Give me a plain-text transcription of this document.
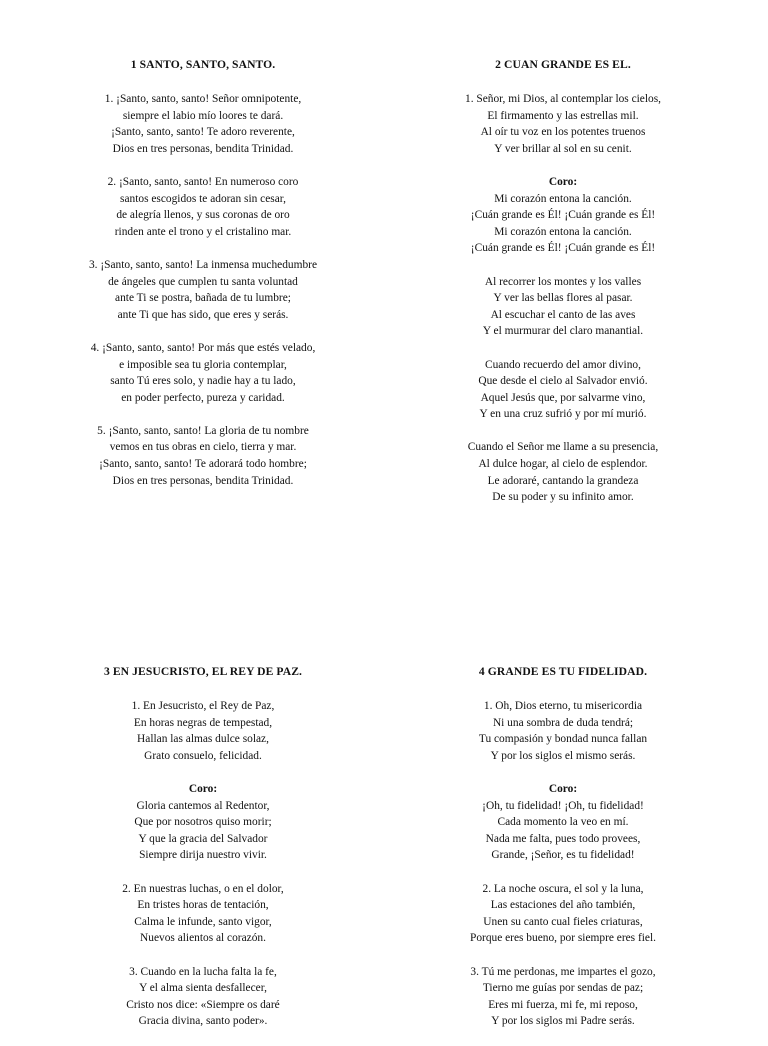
1 SANTO, SANTO, SANTO.
1. ¡Santo, santo, santo! Señor omnipotente,
siempre el labio mío loores te dará.
¡Santo, santo, santo! Te adoro reverente,
Dios en tres personas, bendita Trinidad.
2. ¡Santo, santo, santo! En numeroso coro
santos escogidos te adoran sin cesar,
de alegría llenos, y sus coronas de oro
rinden ante el trono y el cristalino mar.
3. ¡Santo, santo, santo! La inmensa muchedumbre
de ángeles que cumplen tu santa voluntad
ante Ti se postra, bañada de tu lumbre;
ante Ti que has sido, que eres y serás.
4. ¡Santo, santo, santo! Por más que estés velado,
e imposible sea tu gloria contemplar,
santo Tú eres solo, y nadie hay a tu lado,
en poder perfecto, pureza y caridad.
5. ¡Santo, santo, santo! La gloria de tu nombre
vemos en tus obras en cielo, tierra y mar.
¡Santo, santo, santo! Te adorará todo hombre;
Dios en tres personas, bendita Trinidad.
2 CUAN GRANDE ES EL.
1. Señor, mi Dios, al contemplar los cielos,
El firmamento y las estrellas mil.
Al oír tu voz en los potentes truenos
Y ver brillar al sol en su cenit.
Coro:
Mi corazón entona la canción.
¡Cuán grande es Él! ¡Cuán grande es Él!
Mi corazón entona la canción.
¡Cuán grande es Él! ¡Cuán grande es Él!
Al recorrer los montes y los valles
Y ver las bellas flores al pasar.
Al escuchar el canto de las aves
Y el murmurar del claro manantial.
Cuando recuerdo del amor divino,
Que desde el cielo al Salvador envió.
Aquel Jesús que, por salvarme vino,
Y en una cruz sufrió y por mí murió.
Cuando el Señor me llame a su presencia,
Al dulce hogar, al cielo de esplendor.
Le adoraré, cantando la grandeza
De su poder y su infinito amor.
3 EN JESUCRISTO, EL REY DE PAZ.
1. En Jesucristo, el Rey de Paz,
En horas negras de tempestad,
Hallan las almas dulce solaz,
Grato consuelo, felicidad.
Coro:
Gloria cantemos al Redentor,
Que por nosotros quiso morir;
Y que la gracia del Salvador
Siempre dirija nuestro vivir.
2. En nuestras luchas, o en el dolor,
En tristes horas de tentación,
Calma le infunde, santo vigor,
Nuevos alientos al corazón.
3. Cuando en la lucha falta la fe,
Y el alma sienta desfallecer,
Cristo nos dice: «Siempre os daré
Gracia divina, santo poder».
4 GRANDE ES TU FIDELIDAD.
1. Oh, Dios eterno, tu misericordia
Ni una sombra de duda tendrá;
Tu compasión y bondad nunca fallan
Y por los siglos el mismo serás.
Coro:
¡Oh, tu fidelidad! ¡Oh, tu fidelidad!
Cada momento la veo en mí.
Nada me falta, pues todo provees,
Grande, ¡Señor, es tu fidelidad!
2. La noche oscura, el sol y la luna,
Las estaciones del año también,
Unen su canto cual fieles criaturas,
Porque eres bueno, por siempre eres fiel.
3. Tú me perdonas, me impartes el gozo,
Tierno me guías por sendas de paz;
Eres mi fuerza, mi fe, mi reposo,
Y por los siglos mi Padre serás.
